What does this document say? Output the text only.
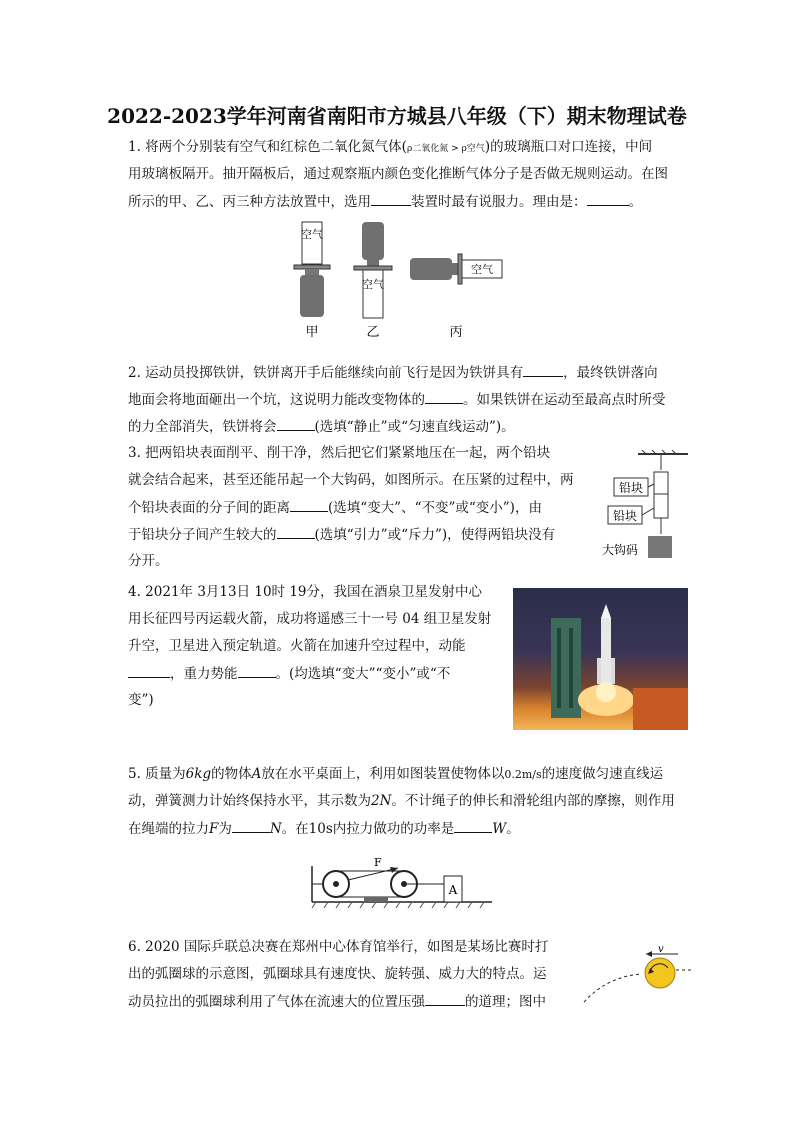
2022-2023学年河南省南阳市方城县八年级（下）期末物理试卷
1. 将两个分别装有空气和红棕色二氧化氮气体(ρ二氧化氮 > ρ空气)的玻璃瓶口对口连接，中间
用玻璃板隔开。抽开隔板后，通过观察瓶内颜色变化推断气体分子是否做无规则运动。在图
所示的甲、乙、丙三种方法放置中，选用	装置时最有说服力。理由是：	。
空气
空气
空气
甲	乙	丙
2. 运动员投掷铁饼，铁饼离开手后能继续向前飞行是因为铁饼具有	，最终铁饼落向
地面会将地面砸出一个坑，这说明力能改变物体的	。如果铁饼在运动至最高点时所受
的力全部消失，铁饼将会	(选填“静止”或“匀速直线运动”)。
3. 把两铅块表面削平、削干净，然后把它们紧紧地压在一起，两个铅块
就会结合起来，甚至还能吊起一个大钩码，如图所示。在压紧的过程中，两
个铅块表面的分子间的距离	(选填“变大”、“不变”或“变小”)，由
于铅块分子间产生较大的	(选填“引力”或“斥力”)，使得两铅块没有
分开。
铅块
铅块
大钩码
4. 2021年 3月13日 10时 19分，我国在酒泉卫星发射中心
用长征四号丙运载火箭，成功将遥感三十一号 04 组卫星发射
升空，卫星进入预定轨道。火箭在加速升空过程中，动能
，重力势能	。(均选填“变大”“变小”或“不
变”)
5. 质量为6kg的物体A放在水平桌面上，利用如图装置使物体以0.2m/s的速度做匀速直线运
动，弹簧测力计始终保持水平，其示数为2N。不计绳子的伸长和滑轮组内部的摩擦，则作用
在绳端的拉力F为	N。在10s内拉力做功的功率是	W。
F
A
6. 2020 国际乒联总决赛在郑州中心体育馆举行，如图是某场比赛时打
出的弧圈球的示意图，弧圈球具有速度快、旋转强、威力大的特点。运
动员拉出的弧圈球利用了气体在流速大的位置压强	的道理；图中
v
